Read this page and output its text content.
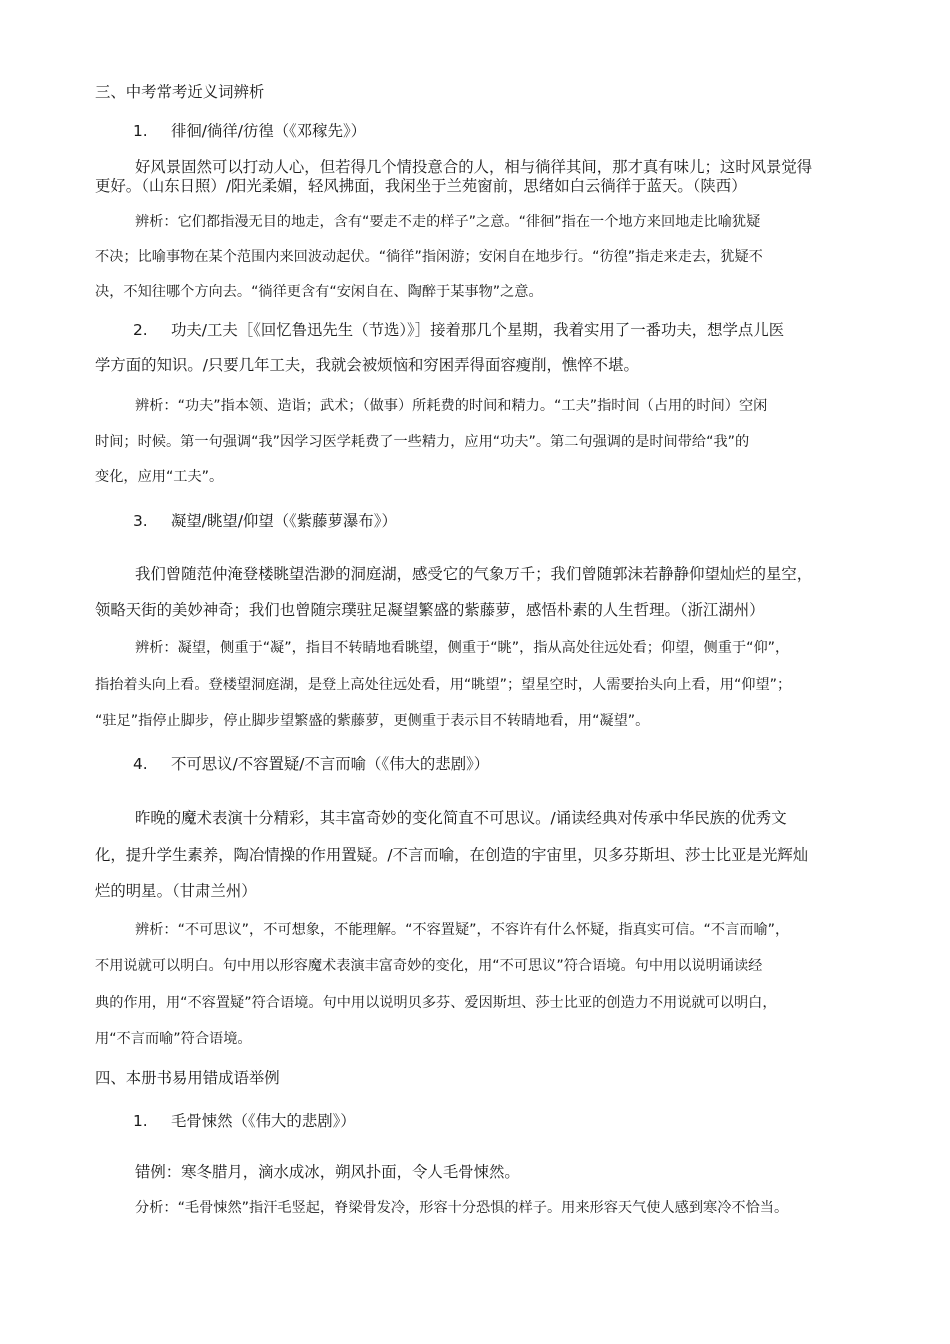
三、中考常考近义词辨析
1. 徘徊/徜徉/彷徨（《邓稼先》）
好风景固然可以打动人心，但若得几个情投意合的人，相与徜徉其间，那才真有味儿；这时风景觉得
更好。（山东日照）/阳光柔媚，轻风拂面，我闲坐于兰苑窗前，思绪如白云徜徉于蓝天。（陕西）
辨析：它们都指漫无目的地走，含有“要走不走的样子”之意。“徘徊”指在一个地方来回地走比喻犹疑
不决；比喻事物在某个范围内来回波动起伏。“徜徉”指闲游；安闲自在地步行。“彷徨”指走来走去，犹疑不
决，不知往哪个方向去。“徜徉更含有“安闲自在、陶醉于某事物”之意。
2. 功夫/工夫［《回忆鲁迅先生（节选）》］接着那几个星期，我着实用了一番功夫，想学点儿医
学方面的知识。/只要几年工夫，我就会被烦恼和穷困弄得面容瘦削，憔悴不堪。
辨析：“功夫”指本领、造诣；武术；（做事）所耗费的时间和精力。“工夫”指时间（占用的时间）空闲
时间；时候。第一句强调“我”因学习医学耗费了一些精力，应用“功夫”。第二句强调的是时间带给“我”的
变化，应用“工夫”。
3. 凝望/眺望/仰望（《紫藤萝瀑布》）
我们曾随范仲淹登楼眺望浩渺的洞庭湖，感受它的气象万千；我们曾随郭沫若静静仰望灿烂的星空，
领略天街的美妙神奇；我们也曾随宗璞驻足凝望繁盛的紫藤萝，感悟朴素的人生哲理。（浙江湖州）
辨析：凝望，侧重于“凝”，指目不转睛地看眺望，侧重于“眺”，指从高处往远处看；仰望，侧重于“仰”，
指抬着头向上看。登楼望洞庭湖，是登上高处往远处看，用“眺望”；望星空时，人需要抬头向上看，用“仰望”；
“驻足”指停止脚步，停止脚步望繁盛的紫藤萝，更侧重于表示目不转睛地看，用“凝望”。
4. 不可思议/不容置疑/不言而喻（《伟大的悲剧》）
昨晚的魔术表演十分精彩，其丰富奇妙的变化简直不可思议。/诵读经典对传承中华民族的优秀文
化，提升学生素养，陶冶情操的作用置疑。/不言而喻，在创造的宇宙里，贝多芬斯坦、莎士比亚是光辉灿
烂的明星。（甘肃兰州）
辨析：“不可思议”，不可想象，不能理解。“不容置疑”，不容许有什么怀疑，指真实可信。“不言而喻”，
不用说就可以明白。句中用以形容魔术表演丰富奇妙的变化，用“不可思议”符合语境。句中用以说明诵读经
典的作用，用“不容置疑”符合语境。句中用以说明贝多芬、爱因斯坦、莎士比亚的创造力不用说就可以明白，
用“不言而喻”符合语境。
四、本册书易用错成语举例
1. 毛骨悚然（《伟大的悲剧》）
错例：寒冬腊月，滴水成冰，朔风扑面，令人毛骨悚然。
分析：“毛骨悚然”指汗毛竖起，脊梁骨发冷，形容十分恐惧的样子。用来形容天气使人感到寒冷不恰当。
